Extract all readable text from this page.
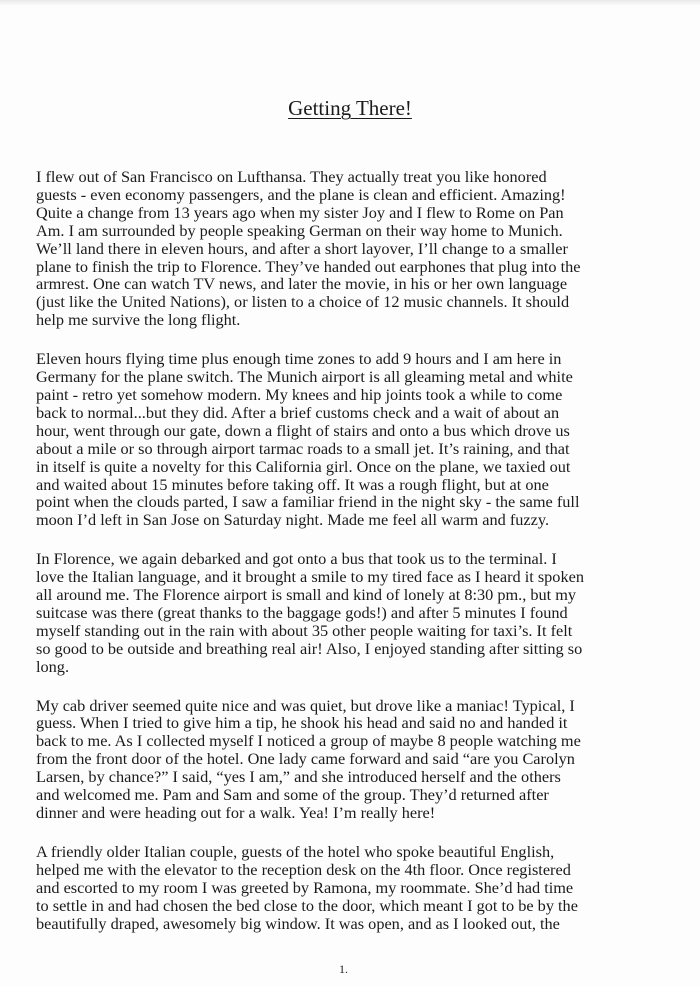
Getting There!

I flew out of San Francisco on Lufthansa. They actually treat you like honored
guests - even economy passengers, and the plane is clean and efficient. Amazing!
Quite a change from 13 years ago when my sister Joy and I flew to Rome on Pan
Am. I am surrounded by people speaking German on their way home to Munich.
We’ll land there in eleven hours, and after a short layover, I’ll change to a smaller
plane to finish the trip to Florence. They’ve handed out earphones that plug into the
armrest. One can watch TV news, and later the movie, in his or her own language
(just like the United Nations), or listen to a choice of 12 music channels. It should
help me survive the long flight.

Eleven hours flying time plus enough time zones to add 9 hours and I am here in
Germany for the plane switch. The Munich airport is all gleaming metal and white
paint - retro yet somehow modern. My knees and hip joints took a while to come
back to normal...but they did. After a brief customs check and a wait of about an
hour, went through our gate, down a flight of stairs and onto a bus which drove us
about a mile or so through airport tarmac roads to a small jet. It’s raining, and that
in itself is quite a novelty for this California girl. Once on the plane, we taxied out
and waited about 15 minutes before taking off. It was a rough flight, but at one
point when the clouds parted, I saw a familiar friend in the night sky - the same full
moon I’d left in San Jose on Saturday night. Made me feel all warm and fuzzy.

In Florence, we again debarked and got onto a bus that took us to the terminal. I
love the Italian language, and it brought a smile to my tired face as I heard it spoken
all around me. The Florence airport is small and kind of lonely at 8:30 pm., but my
suitcase was there (great thanks to the baggage gods!) and after 5 minutes I found
myself standing out in the rain with about 35 other people waiting for taxi’s. It felt
so good to be outside and breathing real air! Also, I enjoyed standing after sitting so
long.

My cab driver seemed quite nice and was quiet, but drove like a maniac! Typical, I
guess. When I tried to give him a tip, he shook his head and said no and handed it
back to me. As I collected myself I noticed a group of maybe 8 people watching me
from the front door of the hotel. One lady came forward and said “are you Carolyn
Larsen, by chance?” I said, “yes I am,” and she introduced herself and the others
and welcomed me. Pam and Sam and some of the group. They’d returned after
dinner and were heading out for a walk. Yea! I’m really here!

A friendly older Italian couple, guests of the hotel who spoke beautiful English,
helped me with the elevator to the reception desk on the 4th floor. Once registered
and escorted to my room I was greeted by Ramona, my roommate. She’d had time
to settle in and had chosen the bed close to the door, which meant I got to be by the
beautifully draped, awesomely big window. It was open, and as I looked out, the

1.
